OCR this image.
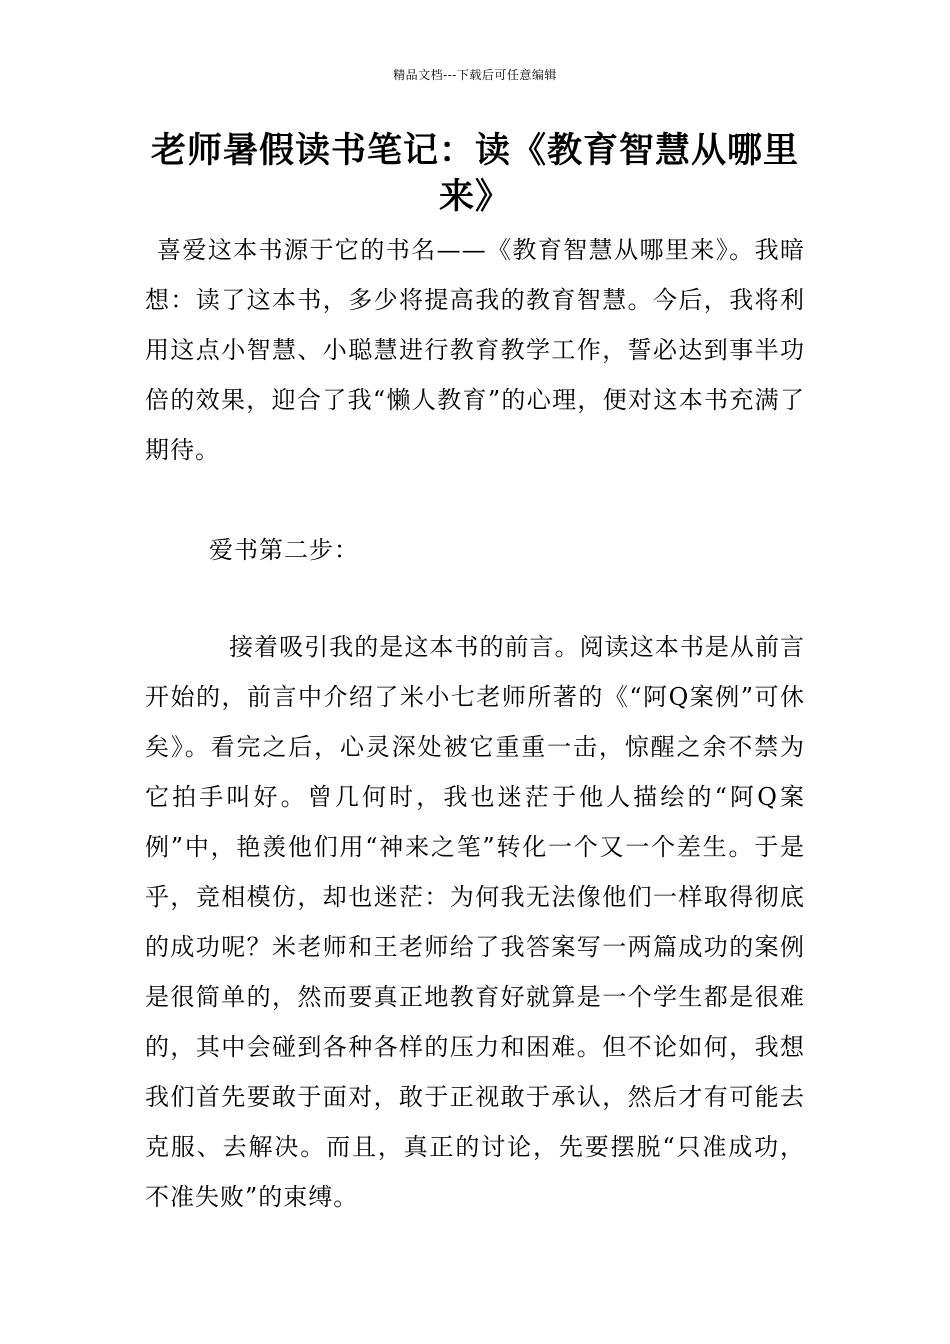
精品文档---下载后可任意编辑
老师暑假读书笔记：读《教育智慧从哪里来》

喜爱这本书源于它的书名——《教育智慧从哪里来》。我暗想：读了这本书，多少将提高我的教育智慧。今后，我将利用这点小智慧、小聪慧进行教育教学工作，誓必达到事半功倍的效果，迎合了我“懒人教育”的心理，便对这本书充满了期待。

爱书第二步：

接着吸引我的是这本书的前言。阅读这本书是从前言开始的，前言中介绍了米小七老师所著的《“阿Q案例”可休矣》。看完之后，心灵深处被它重重一击，惊醒之余不禁为它拍手叫好。曾几何时，我也迷茫于他人描绘的“阿Q案例”中，艳羡他们用“神来之笔”转化一个又一个差生。于是乎，竞相模仿，却也迷茫：为何我无法像他们一样取得彻底的成功呢？米老师和王老师给了我答案写一两篇成功的案例是很简单的，然而要真正地教育好就算是一个学生都是很难的，其中会碰到各种各样的压力和困难。但不论如何，我想我们首先要敢于面对，敢于正视敢于承认，然后才有可能去克服、去解决。而且，真正的讨论，先要摆脱“只准成功，不准失败”的束缚。
